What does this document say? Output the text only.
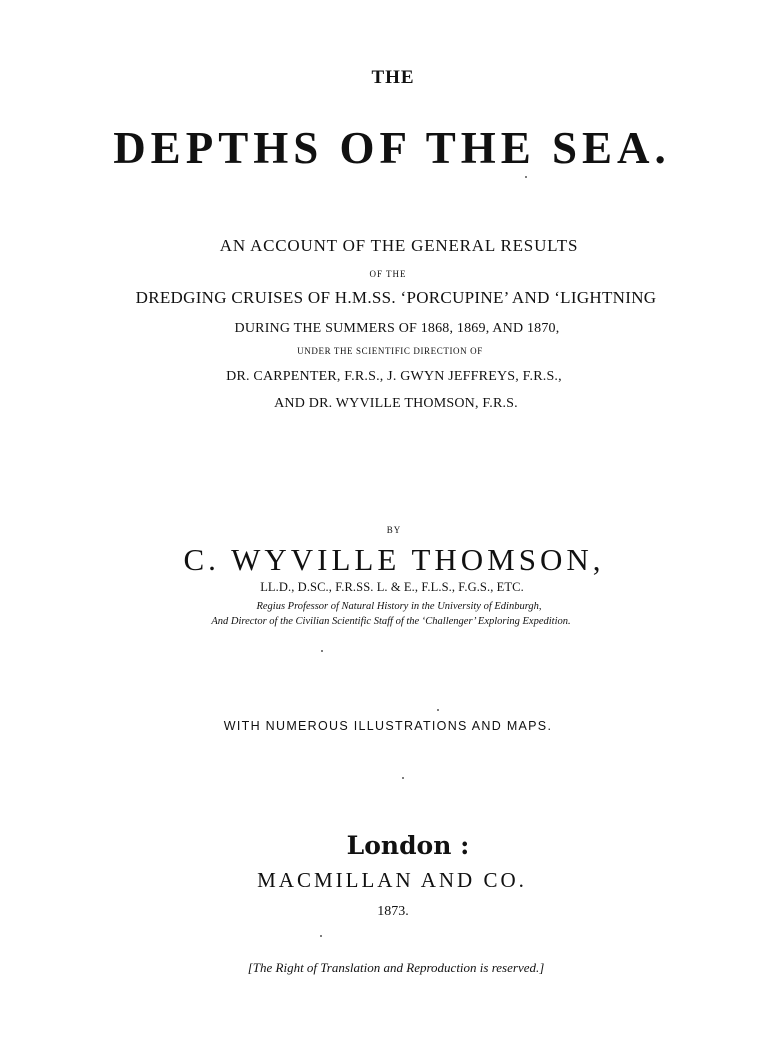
THE
DEPTHS OF THE SEA.
AN ACCOUNT OF THE GENERAL RESULTS
OF THE
DREDGING CRUISES OF H.M.SS. ‘PORCUPINE’ AND ‘LIGHTNING
DURING THE SUMMERS OF 1868, 1869, AND 1870,
UNDER THE SCIENTIFIC DIRECTION OF
DR. CARPENTER, F.R.S., J. GWYN JEFFREYS, F.R.S.,
AND DR. WYVILLE THOMSON, F.R.S.
BY
C. WYVILLE THOMSON,
LL.D., D.SC., F.R.SS. L. & E., F.L.S., F.G.S., ETC.
Regius Professor of Natural History in the University of Edinburgh,
And Director of the Civilian Scientific Staff of the ‘Challenger’ Exploring Expedition.
WITH NUMEROUS ILLUSTRATIONS AND MAPS.
London :
MACMILLAN AND CO.
1873.
[The Right of Translation and Reproduction is reserved.]
